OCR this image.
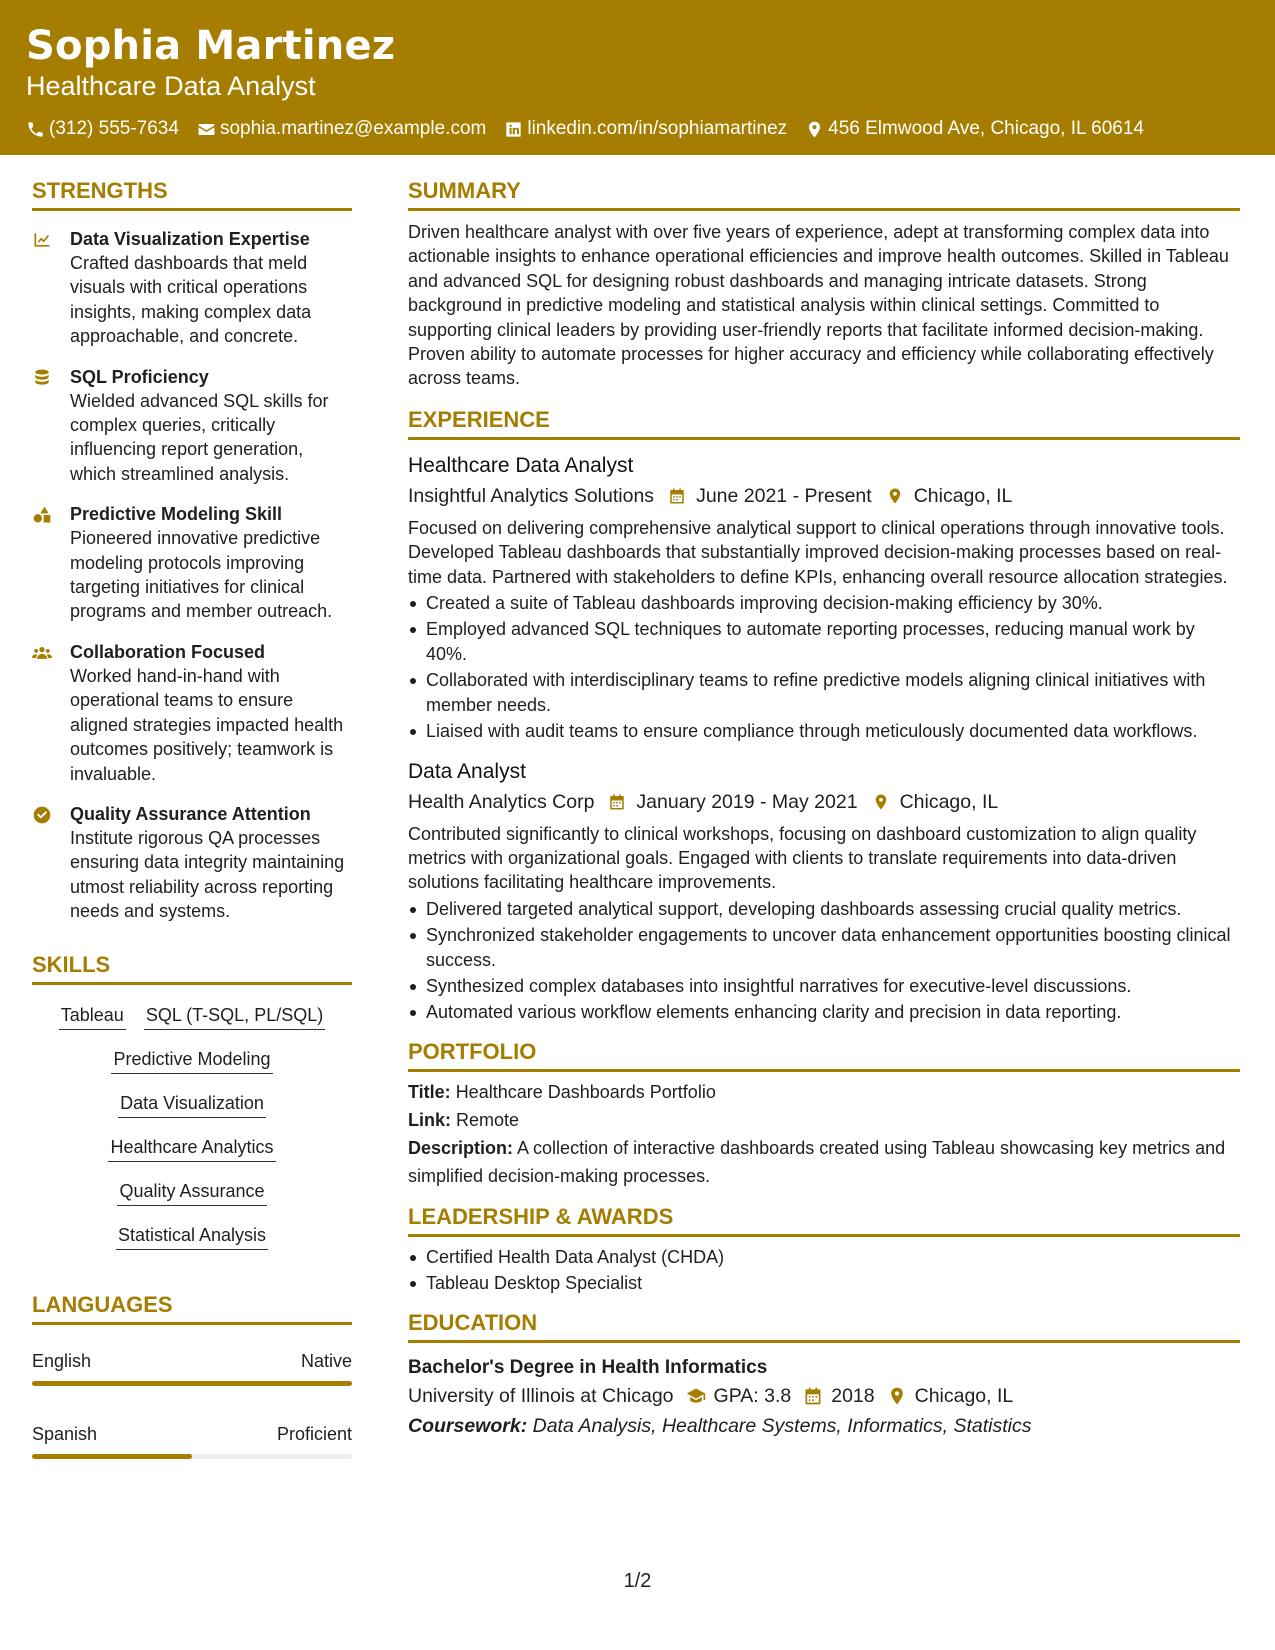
Sophia Martinez
Healthcare Data Analyst
(312) 555-7634 sophia.martinez@example.com linkedin.com/in/sophiamartinez 456 Elmwood Ave, Chicago, IL 60614
STRENGTHS
Data Visualization Expertise
Crafted dashboards that meld visuals with critical operations insights, making complex data approachable, and concrete.
SQL Proficiency
Wielded advanced SQL skills for complex queries, critically influencing report generation, which streamlined analysis.
Predictive Modeling Skill
Pioneered innovative predictive modeling protocols improving targeting initiatives for clinical programs and member outreach.
Collaboration Focused
Worked hand-in-hand with operational teams to ensure aligned strategies impacted health outcomes positively; teamwork is invaluable.
Quality Assurance Attention
Institute rigorous QA processes ensuring data integrity maintaining utmost reliability across reporting needs and systems.
SKILLS
Tableau SQL (T-SQL, PL/SQL)
Predictive Modeling
Data Visualization
Healthcare Analytics
Quality Assurance
Statistical Analysis
LANGUAGES
English	Native
Spanish	Proficient
SUMMARY
Driven healthcare analyst with over five years of experience, adept at transforming complex data into actionable insights to enhance operational efficiencies and improve health outcomes. Skilled in Tableau and advanced SQL for designing robust dashboards and managing intricate datasets. Strong background in predictive modeling and statistical analysis within clinical settings. Committed to supporting clinical leaders by providing user-friendly reports that facilitate informed decision-making. Proven ability to automate processes for higher accuracy and efficiency while collaborating effectively across teams.
EXPERIENCE
Healthcare Data Analyst
Insightful Analytics Solutions June 2021 - Present Chicago, IL
Focused on delivering comprehensive analytical support to clinical operations through innovative tools. Developed Tableau dashboards that substantially improved decision-making processes based on real-time data. Partnered with stakeholders to define KPIs, enhancing overall resource allocation strategies.
Created a suite of Tableau dashboards improving decision-making efficiency by 30%.
Employed advanced SQL techniques to automate reporting processes, reducing manual work by 40%.
Collaborated with interdisciplinary teams to refine predictive models aligning clinical initiatives with member needs.
Liaised with audit teams to ensure compliance through meticulously documented data workflows.
Data Analyst
Health Analytics Corp January 2019 - May 2021 Chicago, IL
Contributed significantly to clinical workshops, focusing on dashboard customization to align quality metrics with organizational goals. Engaged with clients to translate requirements into data-driven solutions facilitating healthcare improvements.
Delivered targeted analytical support, developing dashboards assessing crucial quality metrics.
Synchronized stakeholder engagements to uncover data enhancement opportunities boosting clinical success.
Synthesized complex databases into insightful narratives for executive-level discussions.
Automated various workflow elements enhancing clarity and precision in data reporting.
PORTFOLIO
Title: Healthcare Dashboards Portfolio
Link: Remote
Description: A collection of interactive dashboards created using Tableau showcasing key metrics and simplified decision-making processes.
LEADERSHIP & AWARDS
Certified Health Data Analyst (CHDA)
Tableau Desktop Specialist
EDUCATION
Bachelor's Degree in Health Informatics
University of Illinois at Chicago GPA: 3.8 2018 Chicago, IL
Coursework: Data Analysis, Healthcare Systems, Informatics, Statistics
1/2
